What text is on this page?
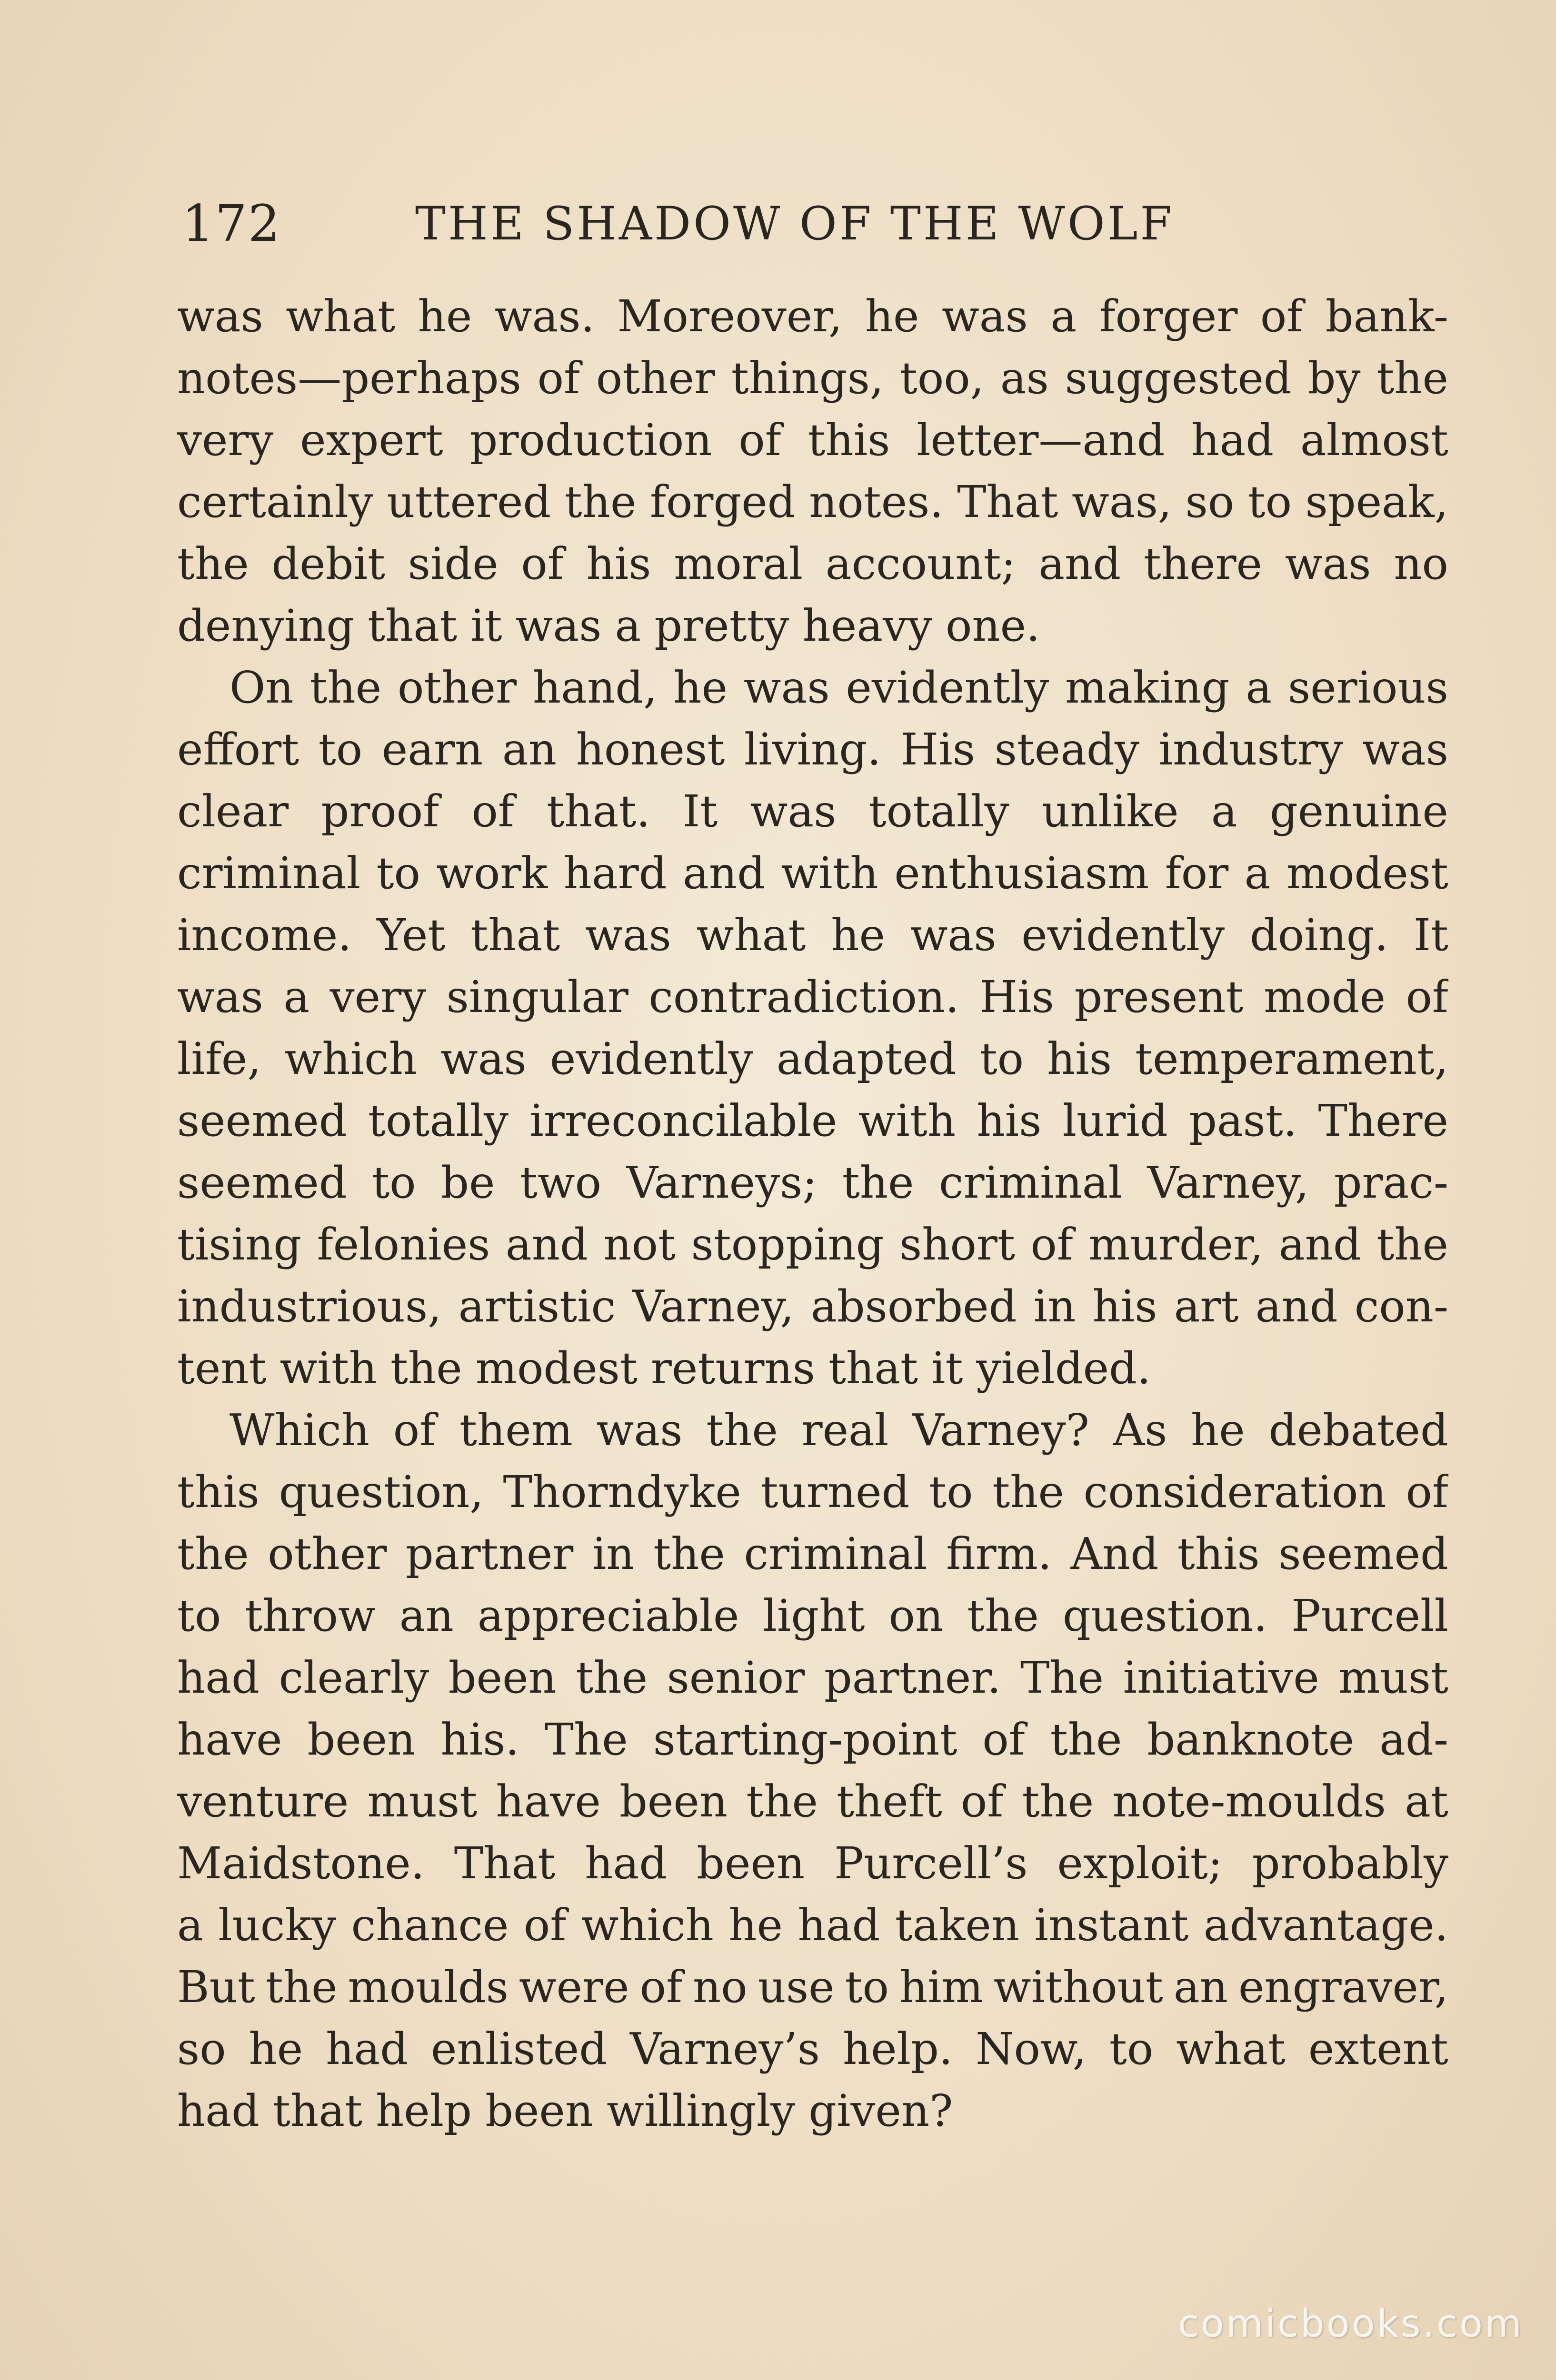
172	THE SHADOW OF THE WOLF
was what he was. Moreover, he was a forger of bank-
notes—perhaps of other things, too, as suggested by the
very expert production of this letter—and had almost
certainly uttered the forged notes. That was, so to speak,
the debit side of his moral account; and there was no
denying that it was a pretty heavy one.
On the other hand, he was evidently making a serious
effort to earn an honest living. His steady industry was
clear proof of that. It was totally unlike a genuine
criminal to work hard and with enthusiasm for a modest
income. Yet that was what he was evidently doing. It
was a very singular contradiction. His present mode of
life, which was evidently adapted to his temperament,
seemed totally irreconcilable with his lurid past. There
seemed to be two Varneys; the criminal Varney, prac-
tising felonies and not stopping short of murder, and the
industrious, artistic Varney, absorbed in his art and con-
tent with the modest returns that it yielded.
Which of them was the real Varney? As he debated
this question, Thorndyke turned to the consideration of
the other partner in the criminal firm. And this seemed
to throw an appreciable light on the question. Purcell
had clearly been the senior partner. The initiative must
have been his. The starting-point of the banknote ad-
venture must have been the theft of the note-moulds at
Maidstone. That had been Purcell’s exploit; probably
a lucky chance of which he had taken instant advantage.
But the moulds were of no use to him without an engraver,
so he had enlisted Varney’s help. Now, to what extent
had that help been willingly given?
comicbooks.com
